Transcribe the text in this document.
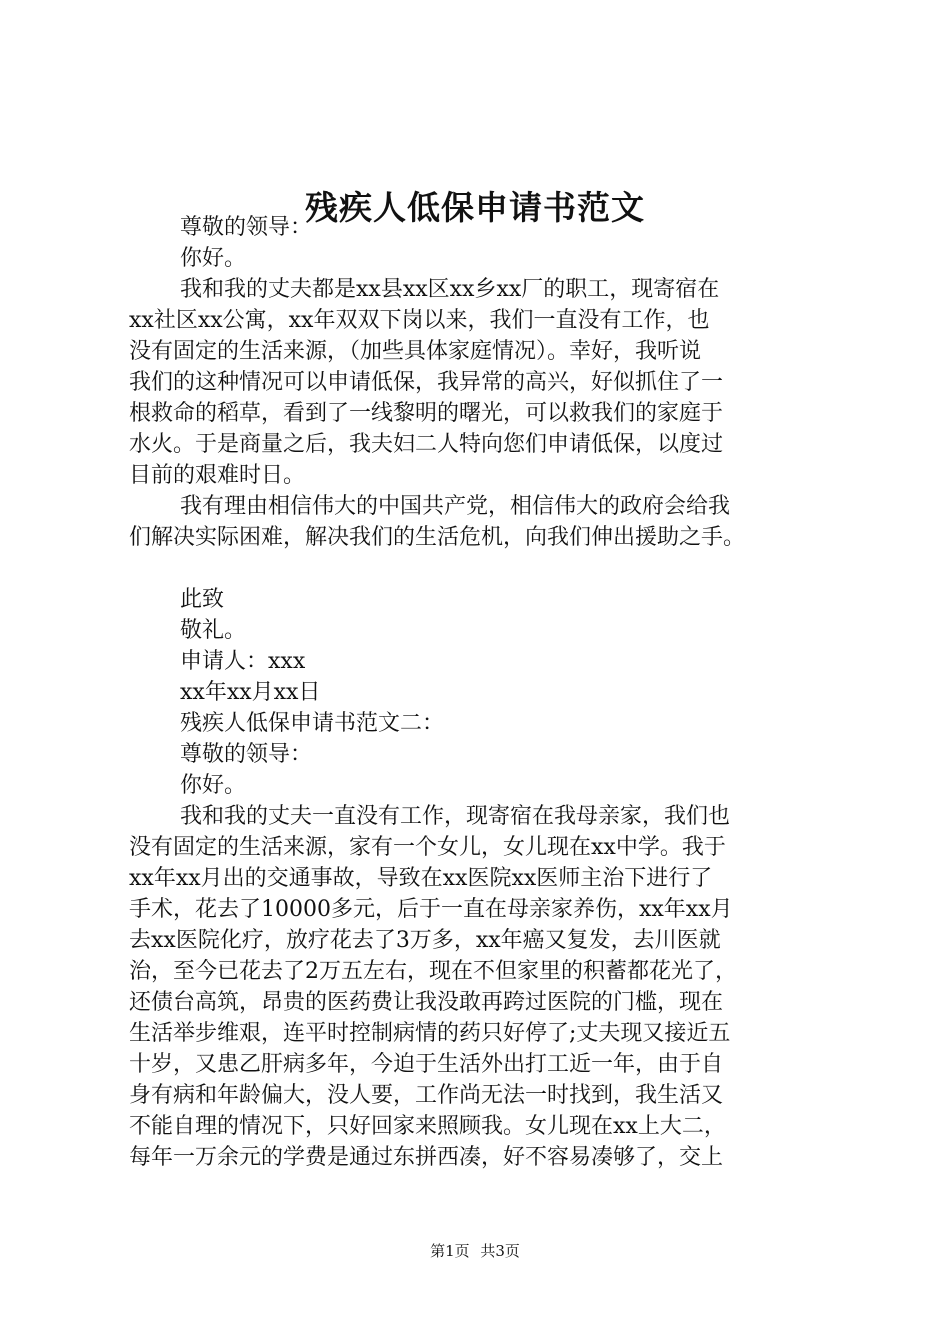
残疾人低保申请书范文
尊敬的领导：
你好。
我和我的丈夫都是xx县xx区xx乡xx厂的职工，现寄宿在
xx社区xx公寓，xx年双双下岗以来，我们一直没有工作，也
没有固定的生活来源，（加些具体家庭情况）。幸好，我听说
我们的这种情况可以申请低保，我异常的高兴，好似抓住了一
根救命的稻草，看到了一线黎明的曙光，可以救我们的家庭于
水火。于是商量之后，我夫妇二人特向您们申请低保，以度过
目前的艰难时日。
我有理由相信伟大的中国共产党，相信伟大的政府会给我
们解决实际困难，解决我们的生活危机，向我们伸出援助之手。
此致
敬礼。
申请人：xxx
xx年xx月xx日
残疾人低保申请书范文二：
尊敬的领导：
你好。
我和我的丈夫一直没有工作，现寄宿在我母亲家，我们也
没有固定的生活来源，家有一个女儿，女儿现在xx中学。我于
xx年xx月出的交通事故，导致在xx医院xx医师主治下进行了
手术，花去了10000多元，后于一直在母亲家养伤，xx年xx月
去xx医院化疗，放疗花去了3万多，xx年癌又复发，去川医就
治，至今已花去了2万五左右，现在不但家里的积蓄都花光了，
还债台高筑，昂贵的医药费让我没敢再跨过医院的门槛，现在
生活举步维艰，连平时控制病情的药只好停了;丈夫现又接近五
十岁，又患乙肝病多年，今迫于生活外出打工近一年，由于自
身有病和年龄偏大，没人要，工作尚无法一时找到，我生活又
不能自理的情况下，只好回家来照顾我。女儿现在xx上大二，
每年一万余元的学费是通过东拼西凑，好不容易凑够了，交上
第1页 共3页
